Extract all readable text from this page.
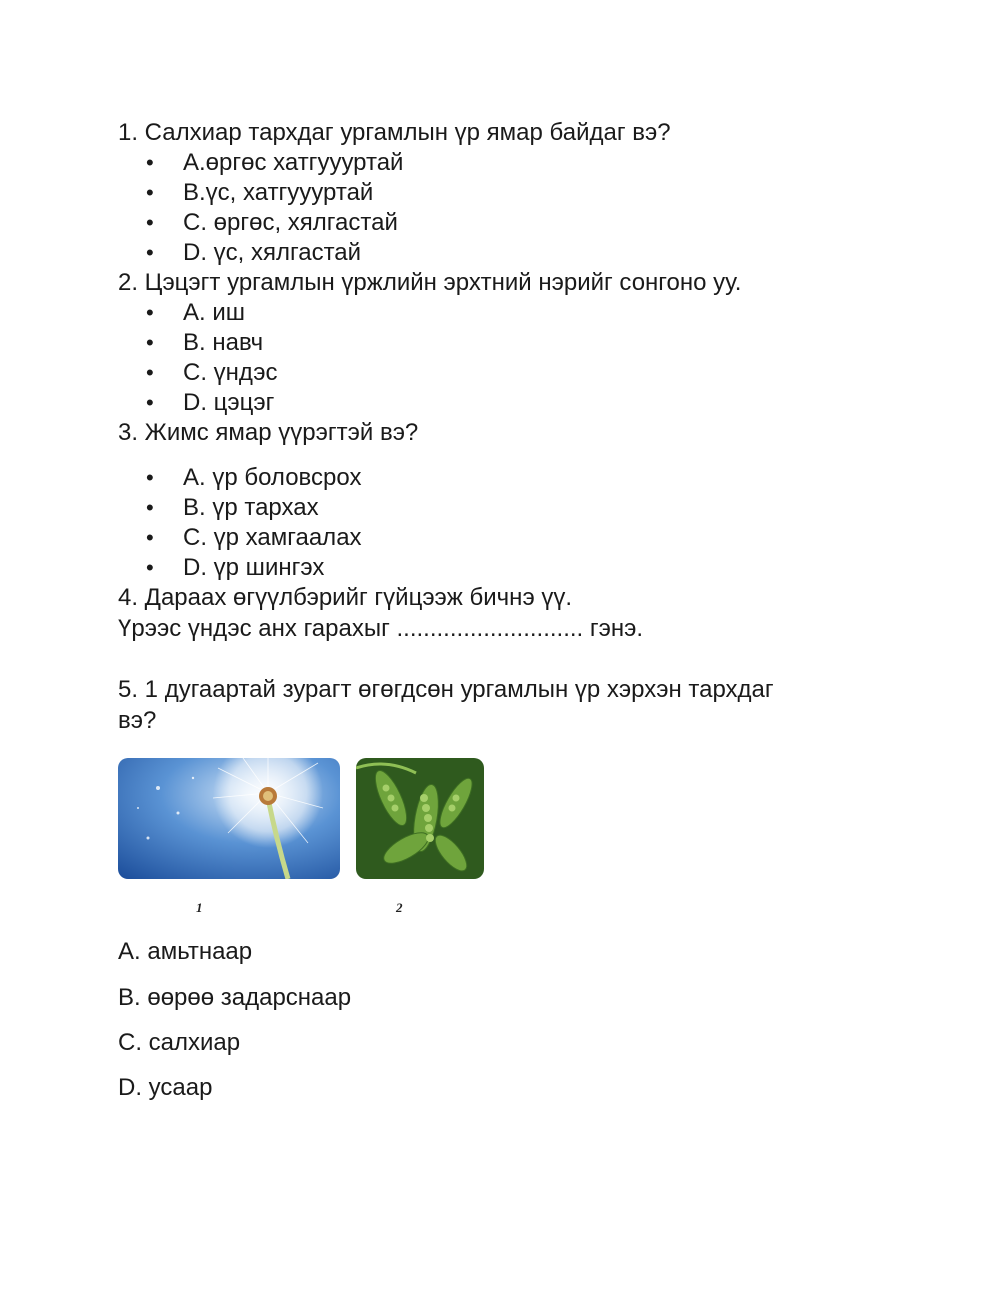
1. Салхиар тархдаг ургамлын үр ямар байдаг вэ?
• A.өргөс хатгуууртай
• B.үс, хатгуууртай
• C. өргөс, хялгастай
• D. үс, хялгастай
2. Цэцэгт ургамлын үржлийн эрхтний нэрийг сонгоно уу.
• A. иш
• B. навч
• C. үндэс
• D. цэцэг
3. Жимс ямар үүрэгтэй вэ?
• A. үр боловсрох
• B. үр тархах
• C. үр хамгаалах
• D. үр шингэх
4. Дараах өгүүлбэрийг гүйцээж бичнэ үү.
Үрээс үндэс анх гарахыг ............................ гэнэ.
5. 1 дугаартай зурагт өгөгдсөн ургамлын үр хэрхэн тархдаг
вэ?
1	2
A. амьтнаар
B. өөрөө задарснаар
C. салхиар
D. усаар
